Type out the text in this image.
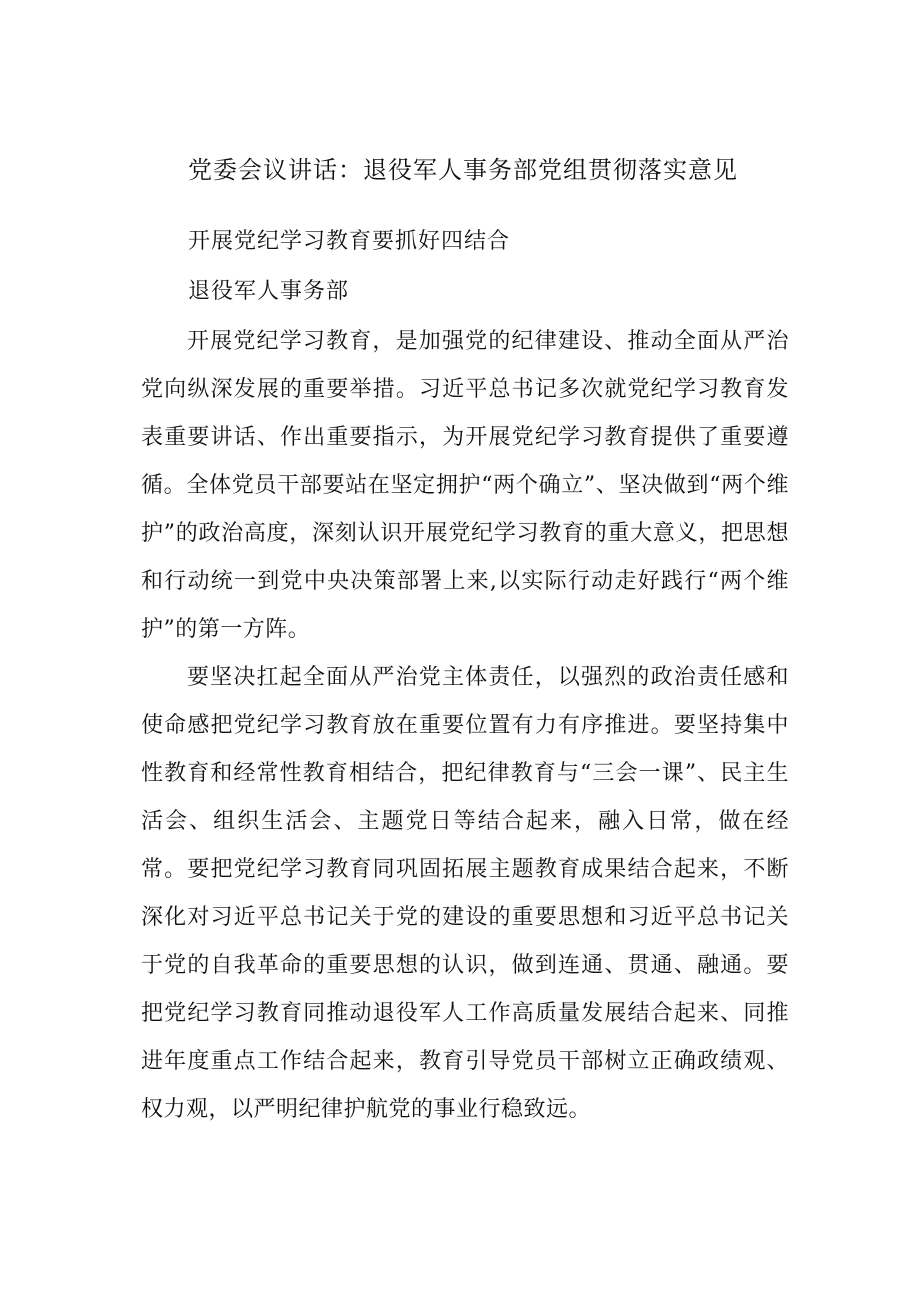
党委会议讲话：退役军人事务部党组贯彻落实意见

开展党纪学习教育要抓好四结合

退役军人事务部

开展党纪学习教育，是加强党的纪律建设、推动全面从严治党向纵深发展的重要举措。习近平总书记多次就党纪学习教育发表重要讲话、作出重要指示，为开展党纪学习教育提供了重要遵循。全体党员干部要站在坚定拥护“两个确立”、坚决做到“两个维护”的政治高度，深刻认识开展党纪学习教育的重大意义，把思想和行动统一到党中央决策部署上来,以实际行动走好践行“两个维护”的第一方阵。

要坚决扛起全面从严治党主体责任，以强烈的政治责任感和使命感把党纪学习教育放在重要位置有力有序推进。要坚持集中性教育和经常性教育相结合，把纪律教育与“三会一课”、民主生活会、组织生活会、主题党日等结合起来，融入日常，做在经常。要把党纪学习教育同巩固拓展主题教育成果结合起来，不断深化对习近平总书记关于党的建设的重要思想和习近平总书记关于党的自我革命的重要思想的认识，做到连通、贯通、融通。要把党纪学习教育同推动退役军人工作高质量发展结合起来、同推进年度重点工作结合起来，教育引导党员干部树立正确政绩观、权力观，以严明纪律护航党的事业行稳致远。
